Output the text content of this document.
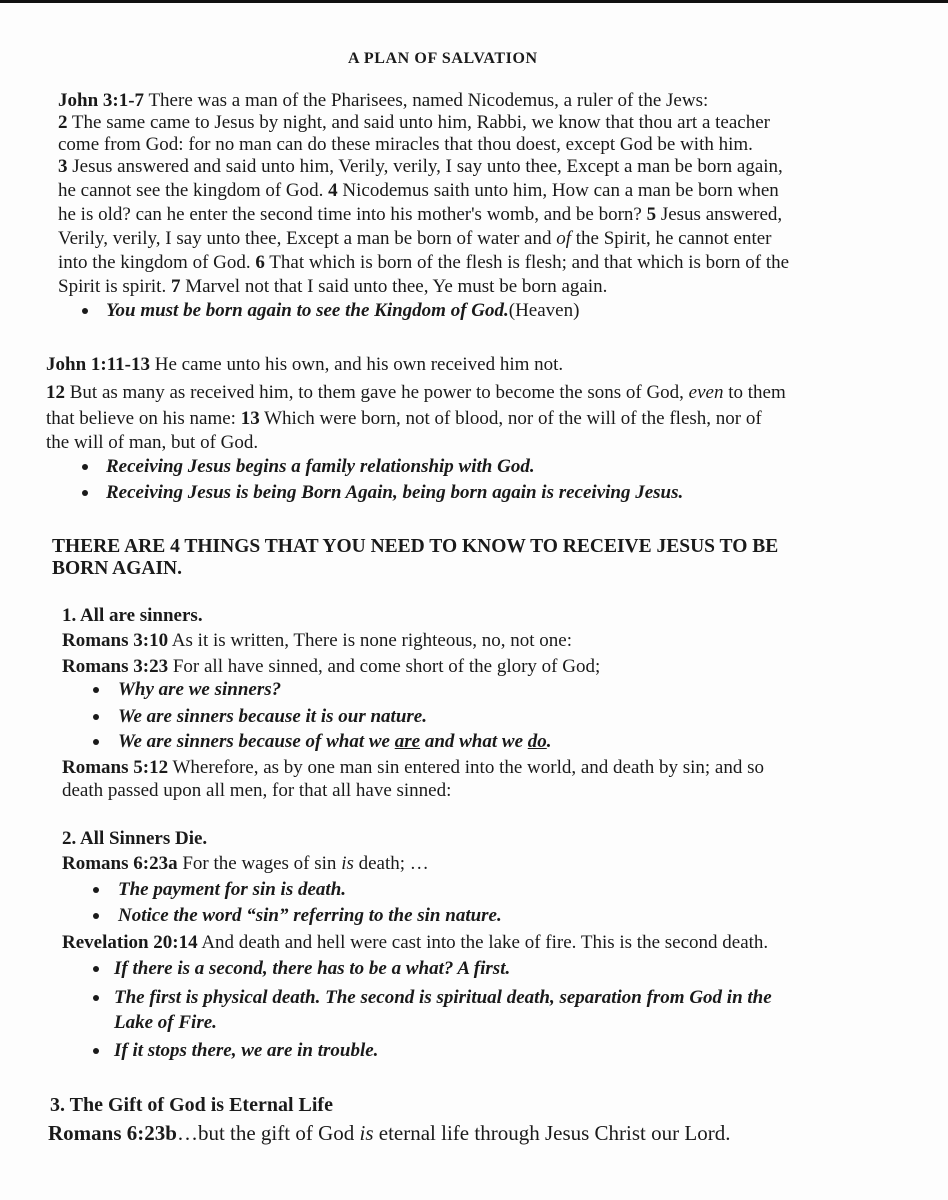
A PLAN OF SALVATION
John 3:1-7 There was a man of the Pharisees, named Nicodemus, a ruler of the Jews:
2 The same came to Jesus by night, and said unto him, Rabbi, we know that thou art a teacher
come from God: for no man can do these miracles that thou doest, except God be with him.
3 Jesus answered and said unto him, Verily, verily, I say unto thee, Except a man be born again,
he cannot see the kingdom of God. 4 Nicodemus saith unto him, How can a man be born when
he is old? can he enter the second time into his mother's womb, and be born? 5 Jesus answered,
Verily, verily, I say unto thee, Except a man be born of water and of the Spirit, he cannot enter
into the kingdom of God. 6 That which is born of the flesh is flesh; and that which is born of the
Spirit is spirit. 7 Marvel not that I said unto thee, Ye must be born again.
You must be born again to see the Kingdom of God.(Heaven)
John 1:11-13 He came unto his own, and his own received him not.
12 But as many as received him, to them gave he power to become the sons of God, even to them
that believe on his name: 13 Which were born, not of blood, nor of the will of the flesh, nor of
the will of man, but of God.
Receiving Jesus begins a family relationship with God.
Receiving Jesus is being Born Again, being born again is receiving Jesus.
THERE ARE 4 THINGS THAT YOU NEED TO KNOW TO RECEIVE JESUS TO BE
BORN AGAIN.
1. All are sinners.
Romans 3:10 As it is written, There is none righteous, no, not one:
Romans 3:23 For all have sinned, and come short of the glory of God;
Why are we sinners?
We are sinners because it is our nature.
We are sinners because of what we are and what we do.
Romans 5:12 Wherefore, as by one man sin entered into the world, and death by sin; and so
death passed upon all men, for that all have sinned:
2. All Sinners Die.
Romans 6:23a For the wages of sin is death; …
The payment for sin is death.
Notice the word “sin” referring to the sin nature.
Revelation 20:14 And death and hell were cast into the lake of fire. This is the second death.
If there is a second, there has to be a what? A first.
The first is physical death. The second is spiritual death, separation from God in the
Lake of Fire.
If it stops there, we are in trouble.
3. The Gift of God is Eternal Life
Romans 6:23b…but the gift of God is eternal life through Jesus Christ our Lord.
